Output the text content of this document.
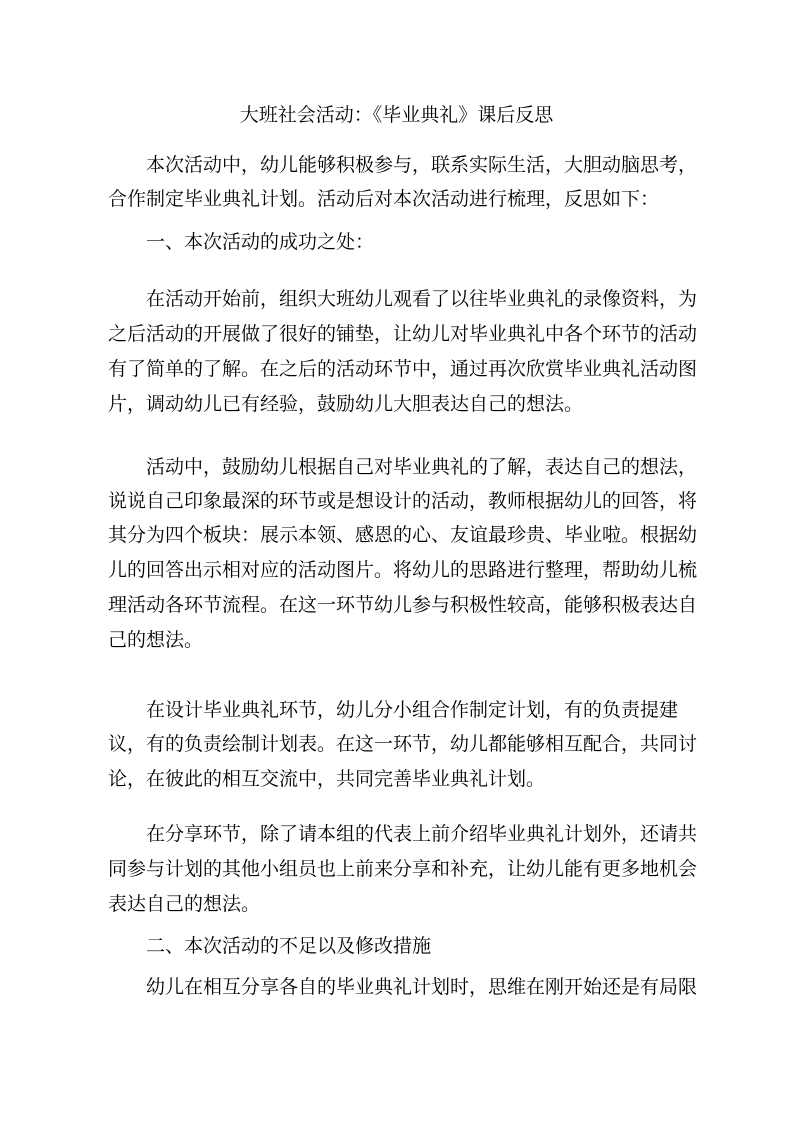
大班社会活动：《毕业典礼》课后反思
本次活动中，幼儿能够积极参与，联系实际生活，大胆动脑思考，
合作制定毕业典礼计划。活动后对本次活动进行梳理，反思如下：
一、本次活动的成功之处：
在活动开始前，组织大班幼儿观看了以往毕业典礼的录像资料，为
之后活动的开展做了很好的铺垫，让幼儿对毕业典礼中各个环节的活动
有了简单的了解。在之后的活动环节中，通过再次欣赏毕业典礼活动图
片，调动幼儿已有经验，鼓励幼儿大胆表达自己的想法。
活动中，鼓励幼儿根据自己对毕业典礼的了解，表达自己的想法，
说说自己印象最深的环节或是想设计的活动，教师根据幼儿的回答，将
其分为四个板块：展示本领、感恩的心、友谊最珍贵、毕业啦。根据幼
儿的回答出示相对应的活动图片。将幼儿的思路进行整理，帮助幼儿梳
理活动各环节流程。在这一环节幼儿参与积极性较高，能够积极表达自
己的想法。
在设计毕业典礼环节，幼儿分小组合作制定计划，有的负责提建
议，有的负责绘制计划表。在这一环节，幼儿都能够相互配合，共同讨
论，在彼此的相互交流中，共同完善毕业典礼计划。
在分享环节，除了请本组的代表上前介绍毕业典礼计划外，还请共
同参与计划的其他小组员也上前来分享和补充，让幼儿能有更多地机会
表达自己的想法。
二、本次活动的不足以及修改措施
幼儿在相互分享各自的毕业典礼计划时，思维在刚开始还是有局限
